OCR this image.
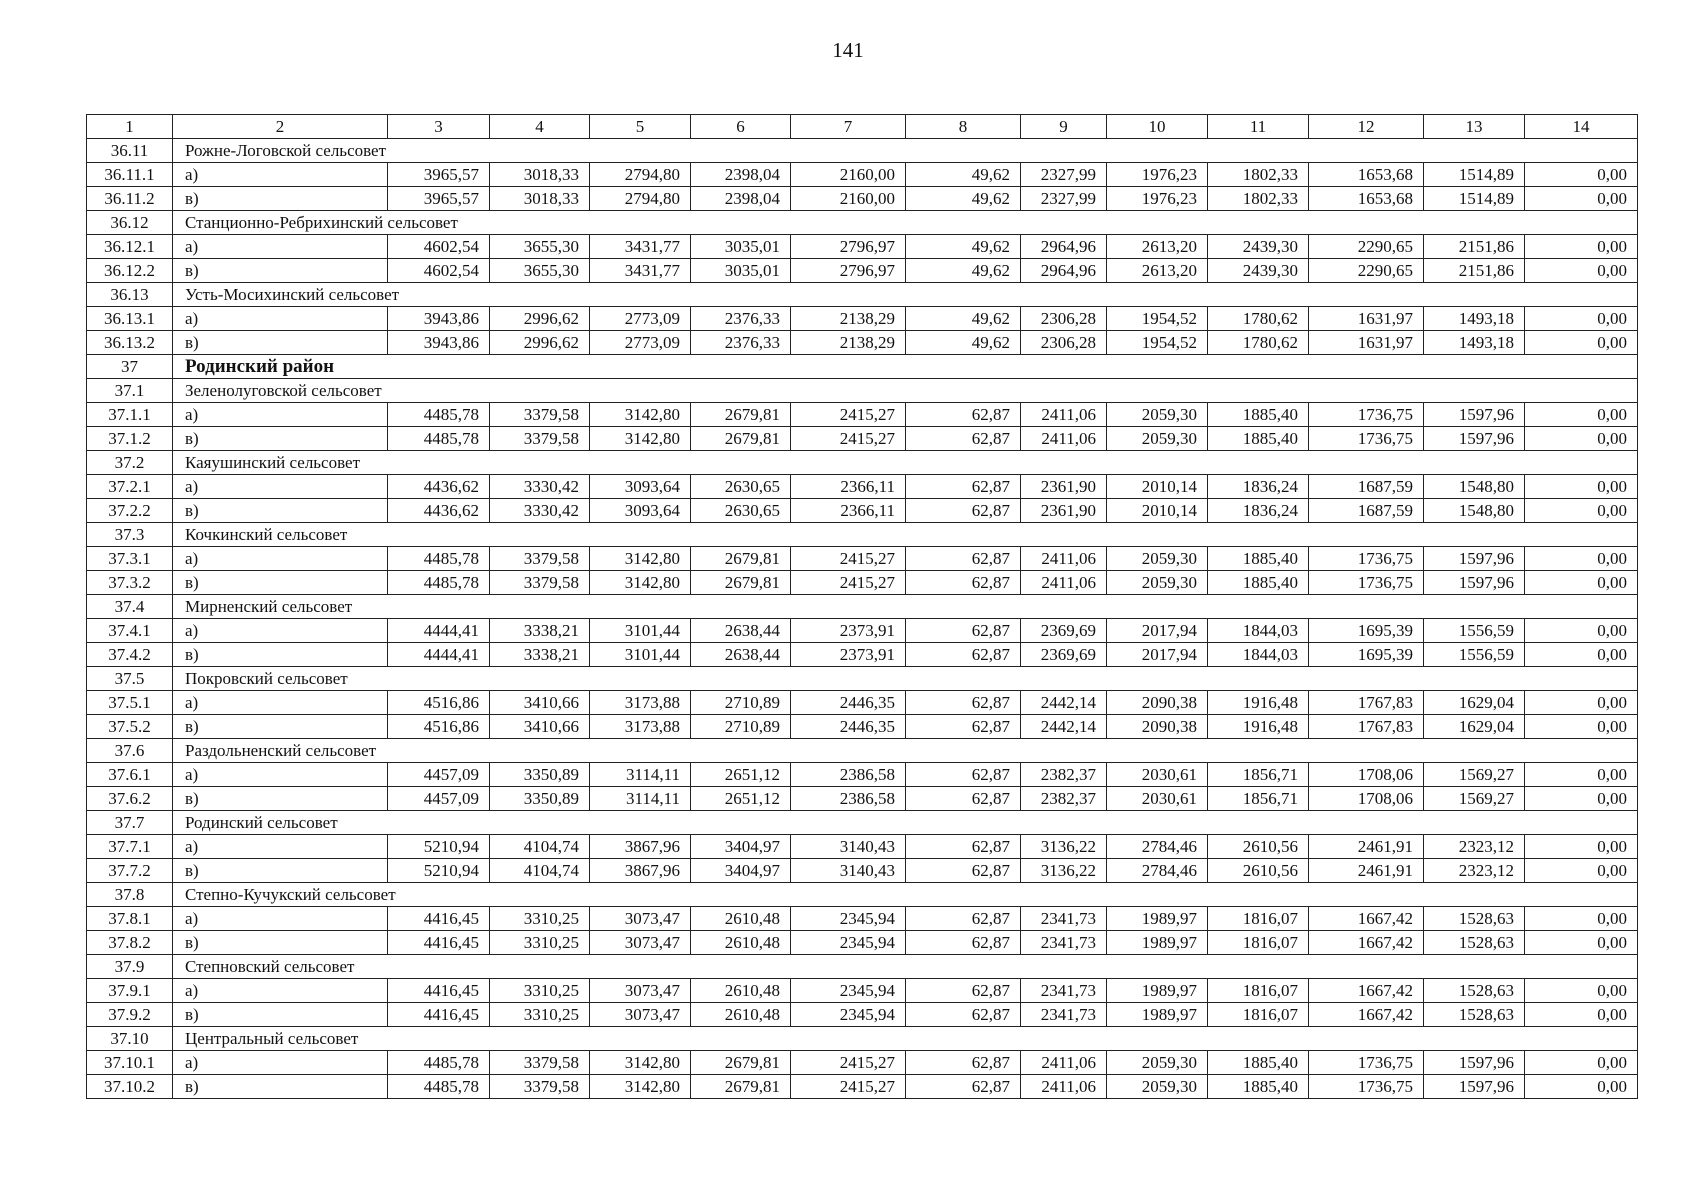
141
1	2	3	4	5	6	7	8	9	10	11	12	13	14
36.11	Рожне-Логовской сельсовет												
36.11.1	а)	3965,57	3018,33	2794,80	2398,04	2160,00	49,62	2327,99	1976,23	1802,33	1653,68	1514,89	0,00
36.11.2	в)	3965,57	3018,33	2794,80	2398,04	2160,00	49,62	2327,99	1976,23	1802,33	1653,68	1514,89	0,00
36.12	Станционно-Ребрихинский сельсовет												
36.12.1	а)	4602,54	3655,30	3431,77	3035,01	2796,97	49,62	2964,96	2613,20	2439,30	2290,65	2151,86	0,00
36.12.2	в)	4602,54	3655,30	3431,77	3035,01	2796,97	49,62	2964,96	2613,20	2439,30	2290,65	2151,86	0,00
36.13	Усть-Мосихинский сельсовет												
36.13.1	а)	3943,86	2996,62	2773,09	2376,33	2138,29	49,62	2306,28	1954,52	1780,62	1631,97	1493,18	0,00
36.13.2	в)	3943,86	2996,62	2773,09	2376,33	2138,29	49,62	2306,28	1954,52	1780,62	1631,97	1493,18	0,00
37	Родинский район												
37.1	Зеленолуговской сельсовет												
37.1.1	а)	4485,78	3379,58	3142,80	2679,81	2415,27	62,87	2411,06	2059,30	1885,40	1736,75	1597,96	0,00
37.1.2	в)	4485,78	3379,58	3142,80	2679,81	2415,27	62,87	2411,06	2059,30	1885,40	1736,75	1597,96	0,00
37.2	Каяушинский сельсовет												
37.2.1	а)	4436,62	3330,42	3093,64	2630,65	2366,11	62,87	2361,90	2010,14	1836,24	1687,59	1548,80	0,00
37.2.2	в)	4436,62	3330,42	3093,64	2630,65	2366,11	62,87	2361,90	2010,14	1836,24	1687,59	1548,80	0,00
37.3	Кочкинский сельсовет												
37.3.1	а)	4485,78	3379,58	3142,80	2679,81	2415,27	62,87	2411,06	2059,30	1885,40	1736,75	1597,96	0,00
37.3.2	в)	4485,78	3379,58	3142,80	2679,81	2415,27	62,87	2411,06	2059,30	1885,40	1736,75	1597,96	0,00
37.4	Мирненский сельсовет												
37.4.1	а)	4444,41	3338,21	3101,44	2638,44	2373,91	62,87	2369,69	2017,94	1844,03	1695,39	1556,59	0,00
37.4.2	в)	4444,41	3338,21	3101,44	2638,44	2373,91	62,87	2369,69	2017,94	1844,03	1695,39	1556,59	0,00
37.5	Покровский сельсовет												
37.5.1	а)	4516,86	3410,66	3173,88	2710,89	2446,35	62,87	2442,14	2090,38	1916,48	1767,83	1629,04	0,00
37.5.2	в)	4516,86	3410,66	3173,88	2710,89	2446,35	62,87	2442,14	2090,38	1916,48	1767,83	1629,04	0,00
37.6	Раздольненский сельсовет												
37.6.1	а)	4457,09	3350,89	3114,11	2651,12	2386,58	62,87	2382,37	2030,61	1856,71	1708,06	1569,27	0,00
37.6.2	в)	4457,09	3350,89	3114,11	2651,12	2386,58	62,87	2382,37	2030,61	1856,71	1708,06	1569,27	0,00
37.7	Родинский сельсовет												
37.7.1	а)	5210,94	4104,74	3867,96	3404,97	3140,43	62,87	3136,22	2784,46	2610,56	2461,91	2323,12	0,00
37.7.2	в)	5210,94	4104,74	3867,96	3404,97	3140,43	62,87	3136,22	2784,46	2610,56	2461,91	2323,12	0,00
37.8	Степно-Кучукский сельсовет												
37.8.1	а)	4416,45	3310,25	3073,47	2610,48	2345,94	62,87	2341,73	1989,97	1816,07	1667,42	1528,63	0,00
37.8.2	в)	4416,45	3310,25	3073,47	2610,48	2345,94	62,87	2341,73	1989,97	1816,07	1667,42	1528,63	0,00
37.9	Степновский сельсовет												
37.9.1	а)	4416,45	3310,25	3073,47	2610,48	2345,94	62,87	2341,73	1989,97	1816,07	1667,42	1528,63	0,00
37.9.2	в)	4416,45	3310,25	3073,47	2610,48	2345,94	62,87	2341,73	1989,97	1816,07	1667,42	1528,63	0,00
37.10	Центральный сельсовет												
37.10.1	а)	4485,78	3379,58	3142,80	2679,81	2415,27	62,87	2411,06	2059,30	1885,40	1736,75	1597,96	0,00
37.10.2	в)	4485,78	3379,58	3142,80	2679,81	2415,27	62,87	2411,06	2059,30	1885,40	1736,75	1597,96	0,00
